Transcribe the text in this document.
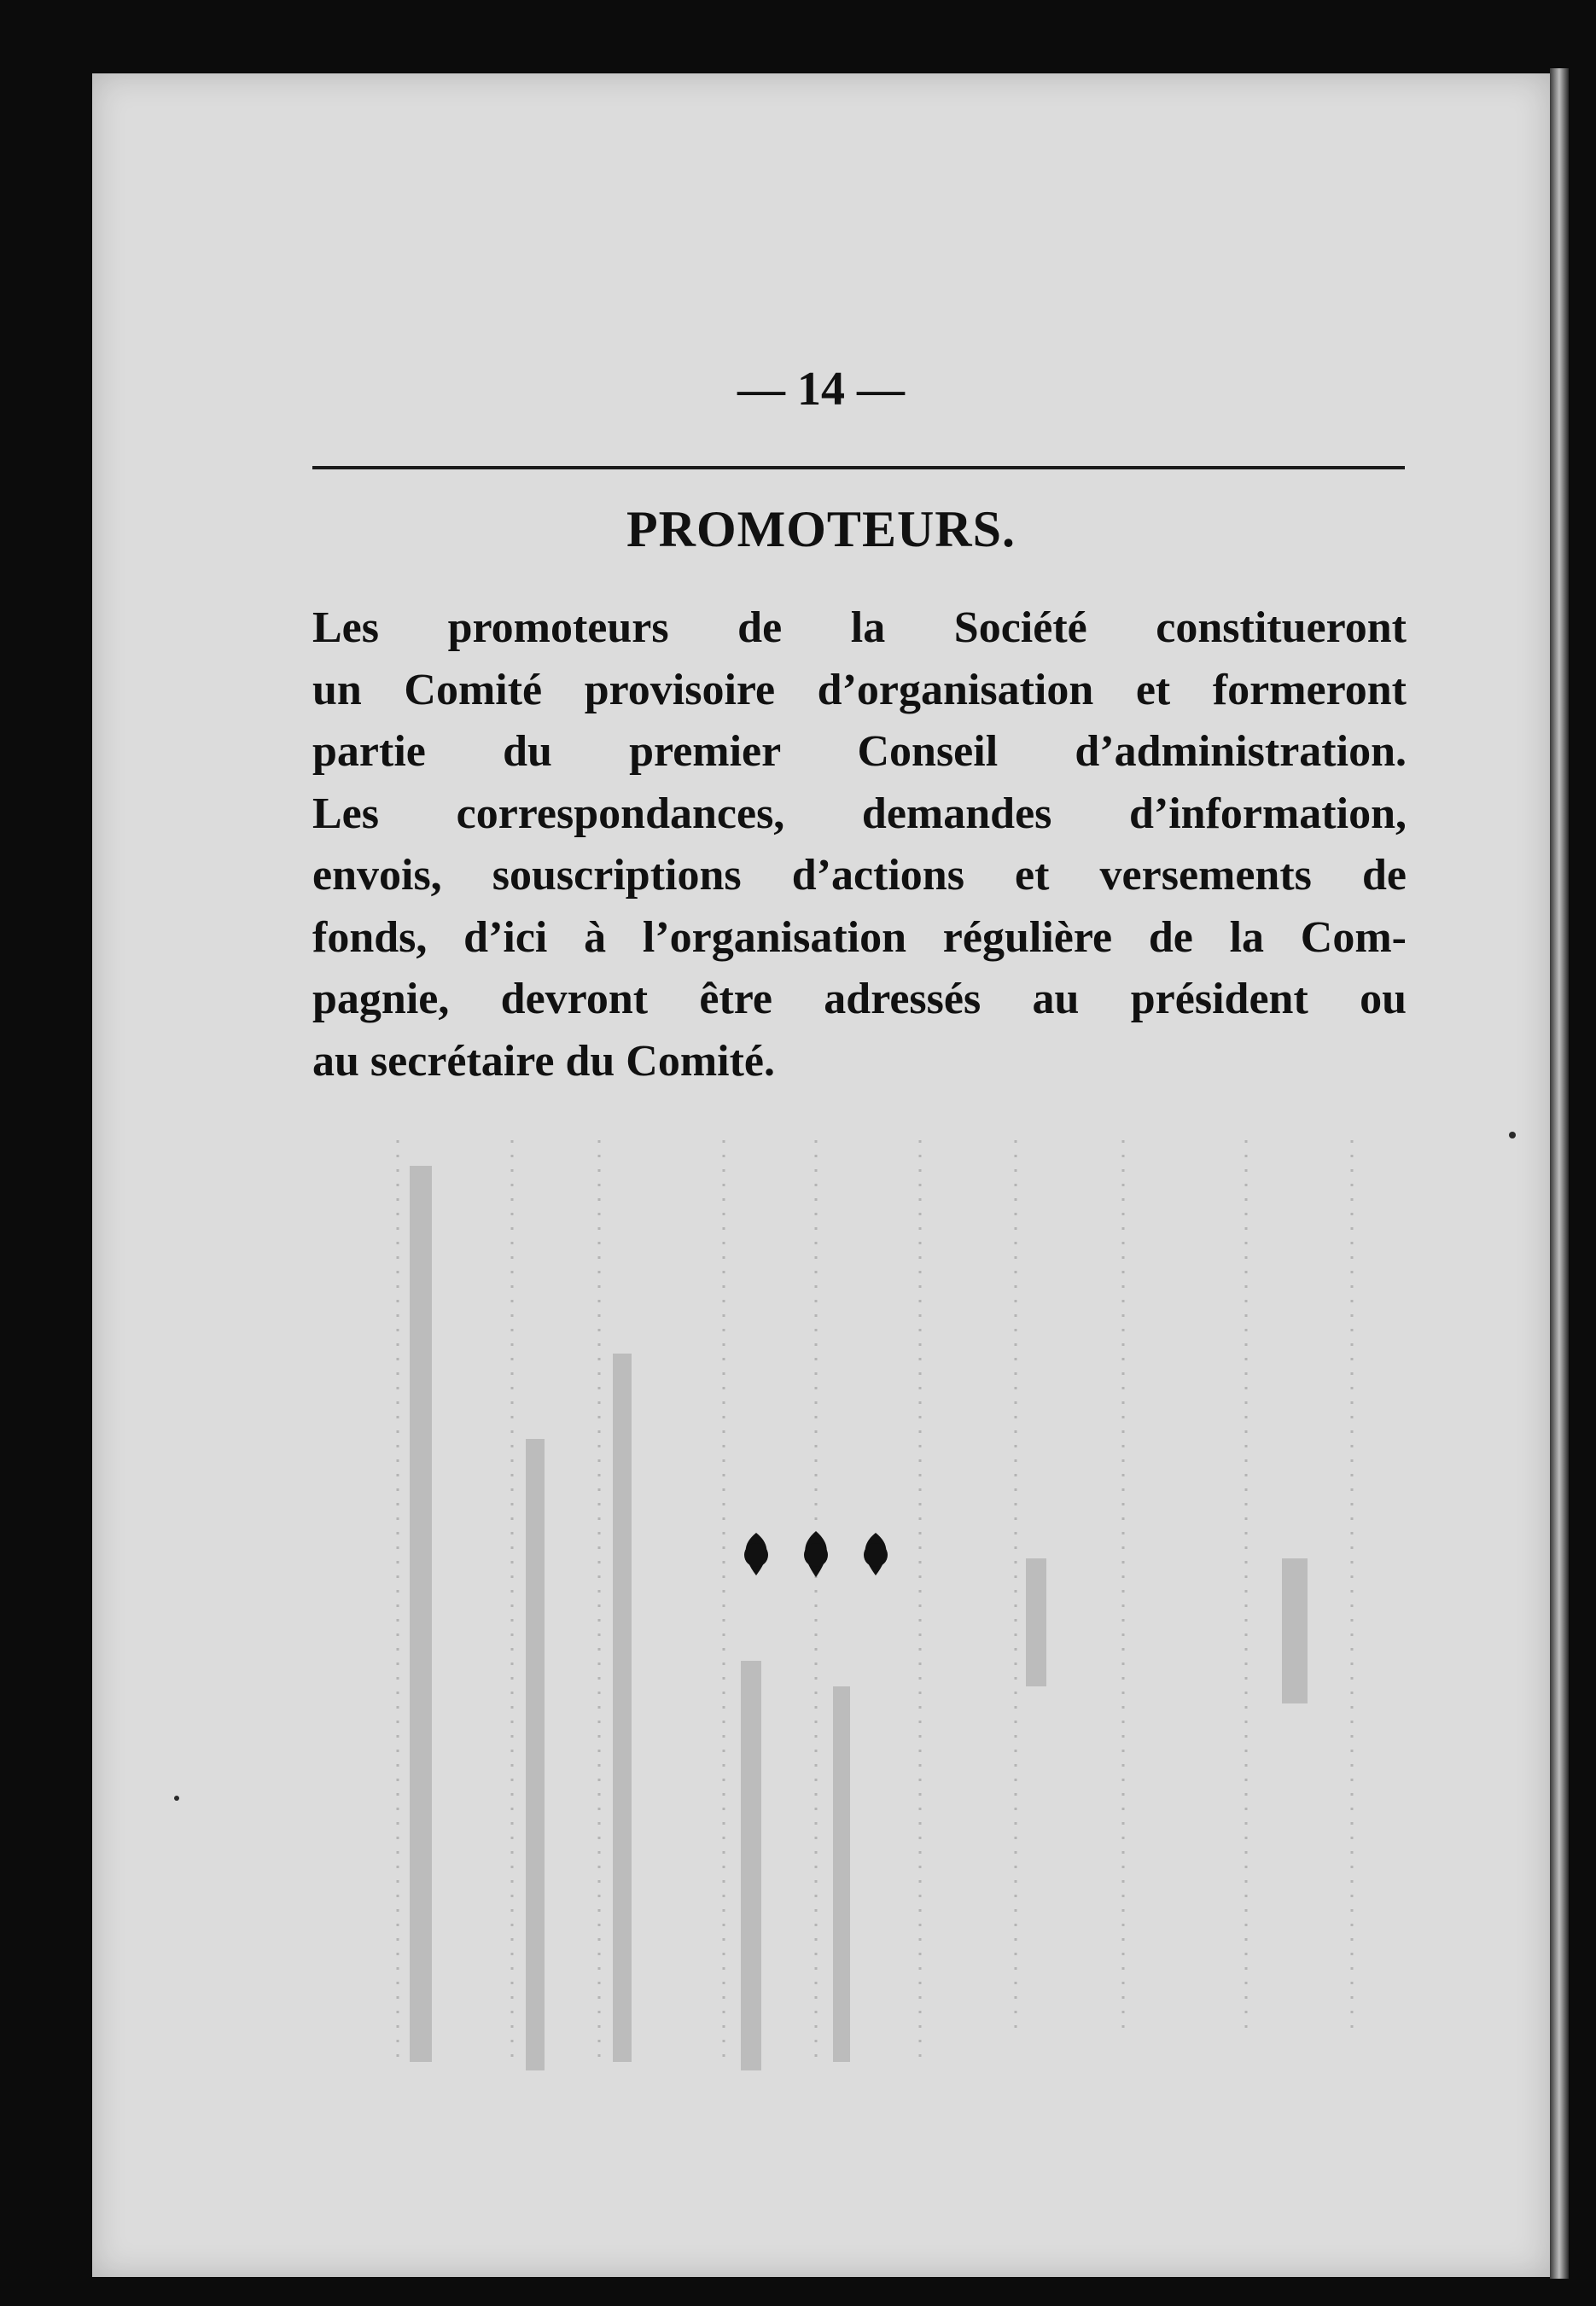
— 14 —
PROMOTEURS.

Les promoteurs de la Société constitueront
un Comité provisoire d’organisation et formeront
partie du premier Conseil d’administration.
Les correspondances, demandes d’information,
envois, souscriptions d’actions et versements de
fonds, d’ici à l’organisation régulière de la Com-
pagnie, devront être adressés au président ou
au secrétaire du Comité.
